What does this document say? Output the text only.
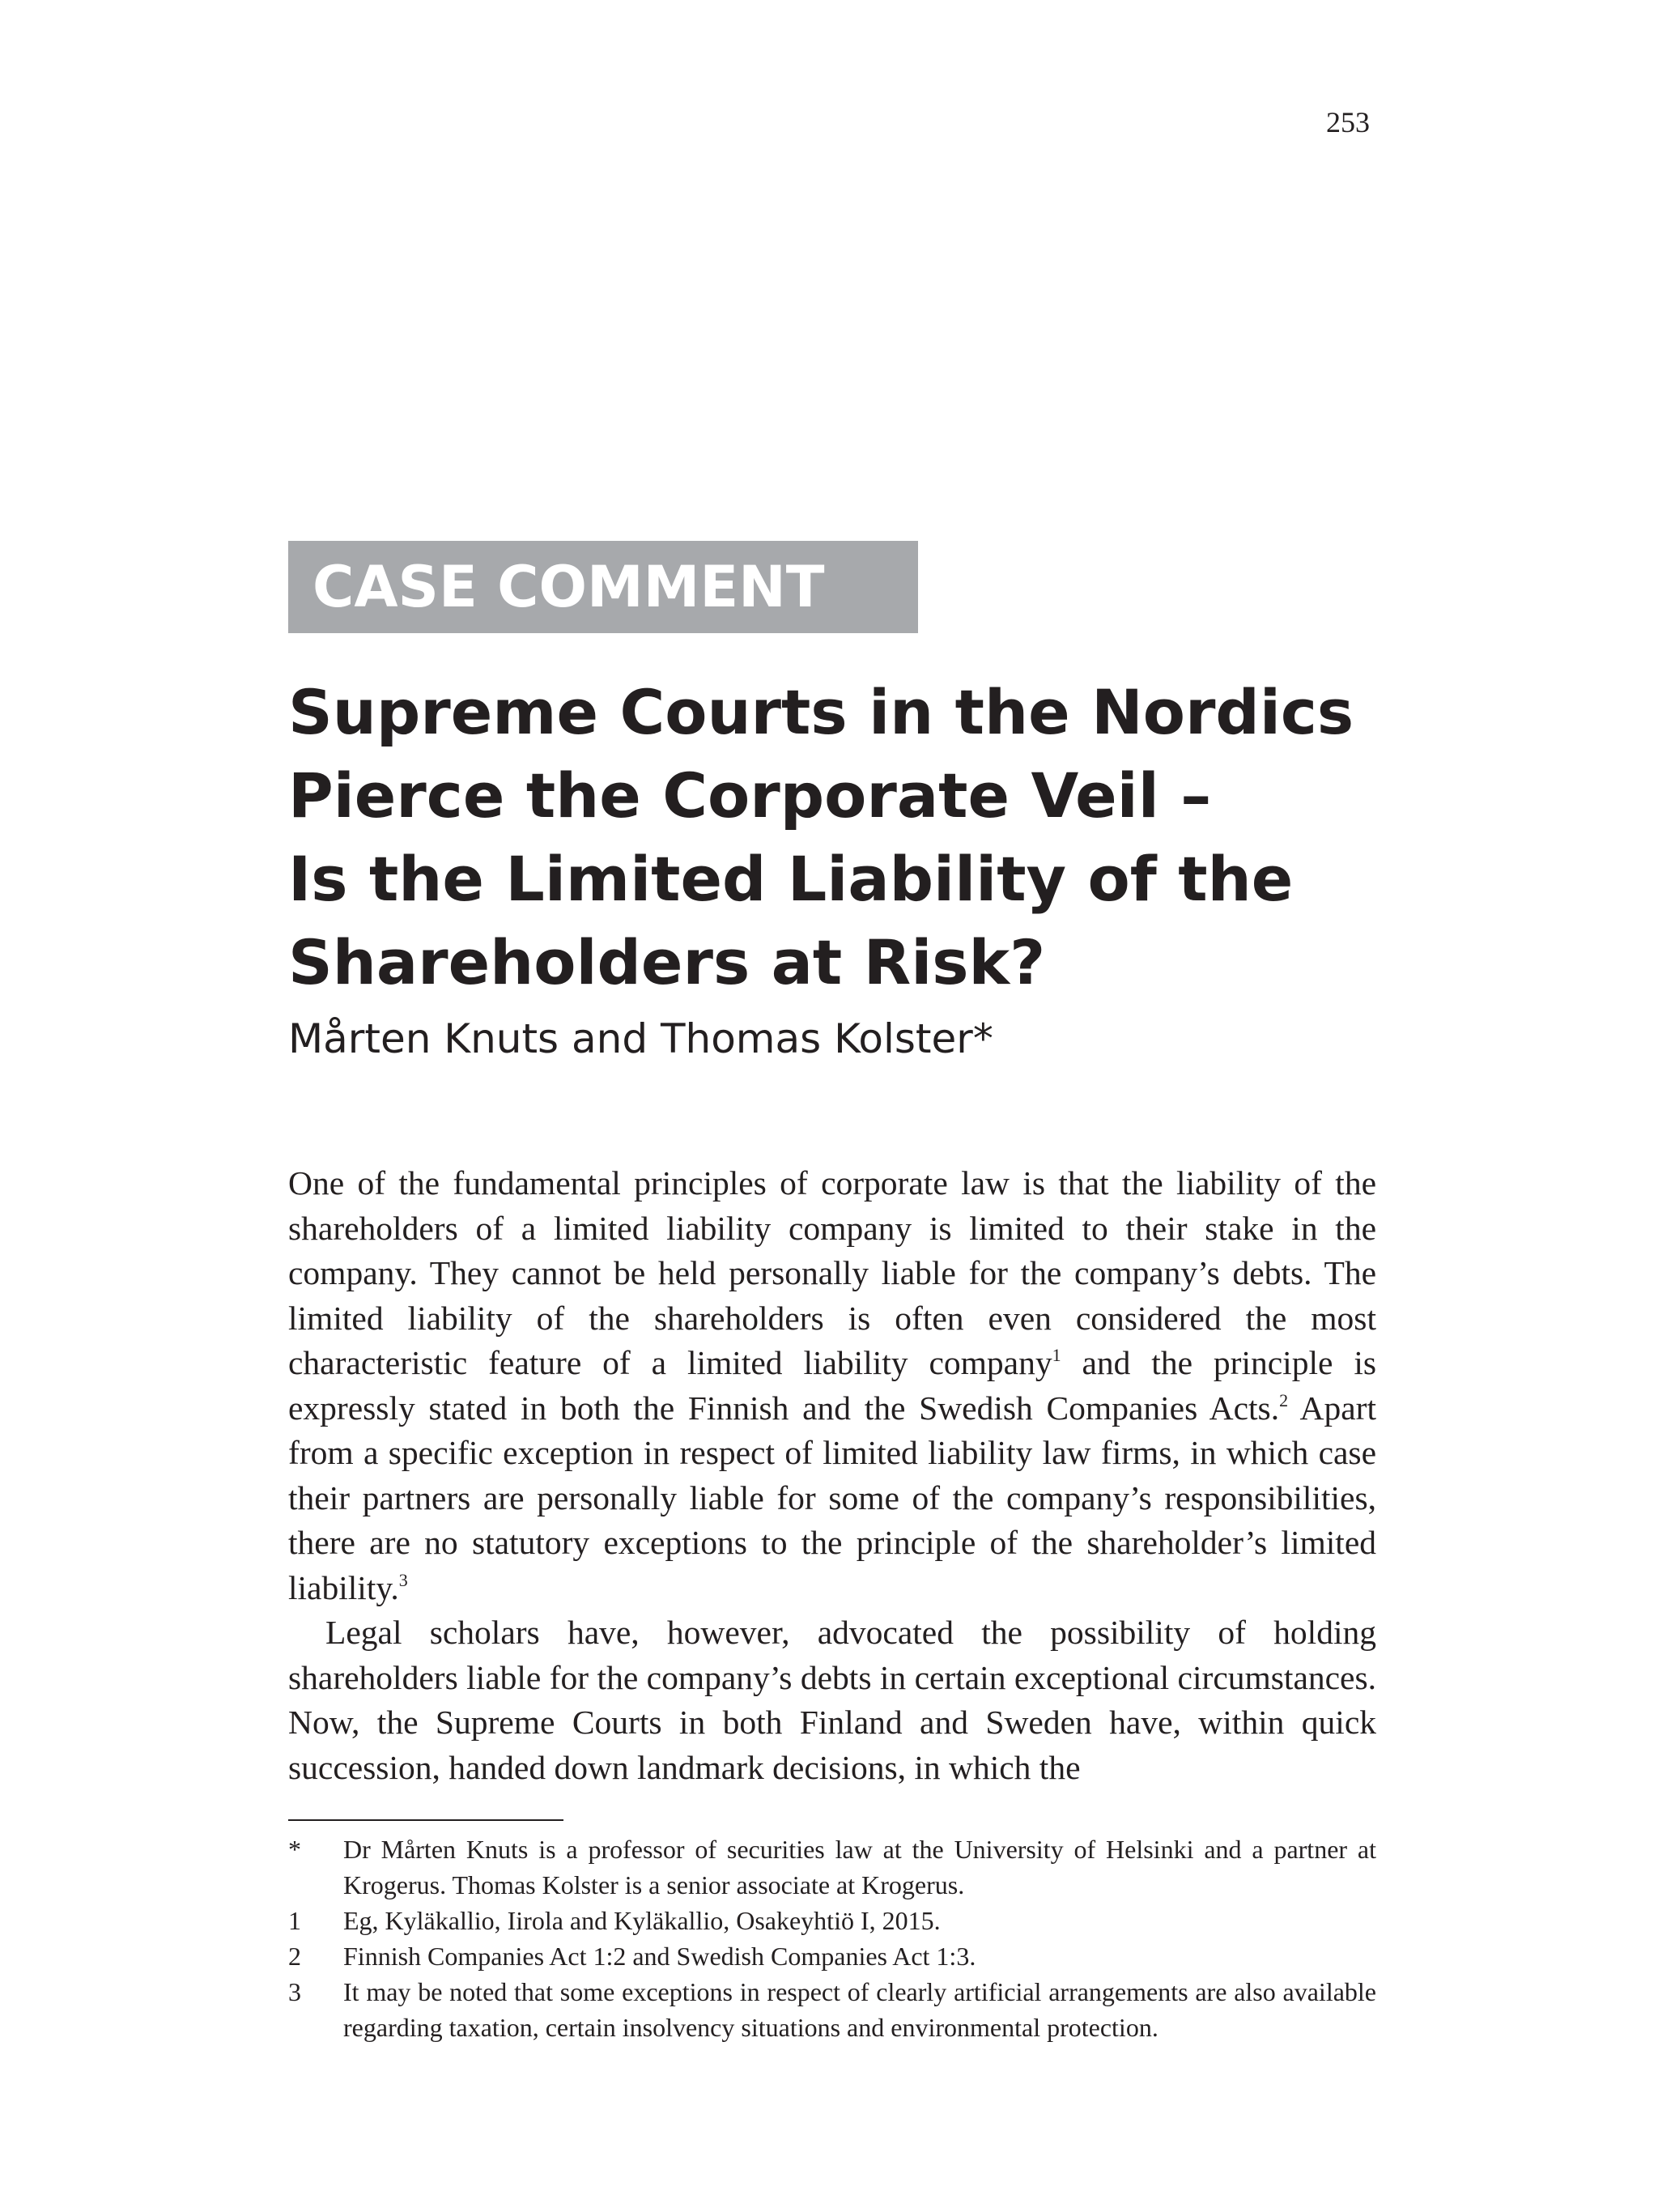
253
CASE COMMENT
Supreme Courts in the Nordics
Pierce the Corporate Veil –
Is the Limited Liability of the
Shareholders at Risk?
Mårten Knuts and Thomas Kolster*

One of the fundamental principles of corporate law is that the liability of the shareholders of a limited liability company is limited to their stake in the company. They cannot be held personally liable for the company’s debts. The limited liability of the shareholders is often even considered the most characteristic feature of a limited liability company$^1$ and the principle is expressly stated in both the Finnish and the Swedish Companies Acts.$^2$ Apart from a specific exception in respect of limited liability law firms, in which case their partners are personally liable for some of the company’s responsibilities, there are no statutory exceptions to the principle of the shareholder’s limited liability.$^3$

Legal scholars have, however, advocated the possibility of holding shareholders liable for the company’s debts in certain exceptional circumstances. Now, the Supreme Courts in both Finland and Sweden have, within quick succession, handed down landmark decisions, in which the

*	Dr Mårten Knuts is a professor of securities law at the University of Helsinki and a partner at Krogerus. Thomas Kolster is a senior associate at Krogerus.
1	Eg, Kyläkallio, Iirola and Kyläkallio, Osakeyhtiö I, 2015.
2	Finnish Companies Act 1:2 and Swedish Companies Act 1:3.
3	It may be noted that some exceptions in respect of clearly artificial arrangements are also available regarding taxation, certain insolvency situations and environmental protection.
